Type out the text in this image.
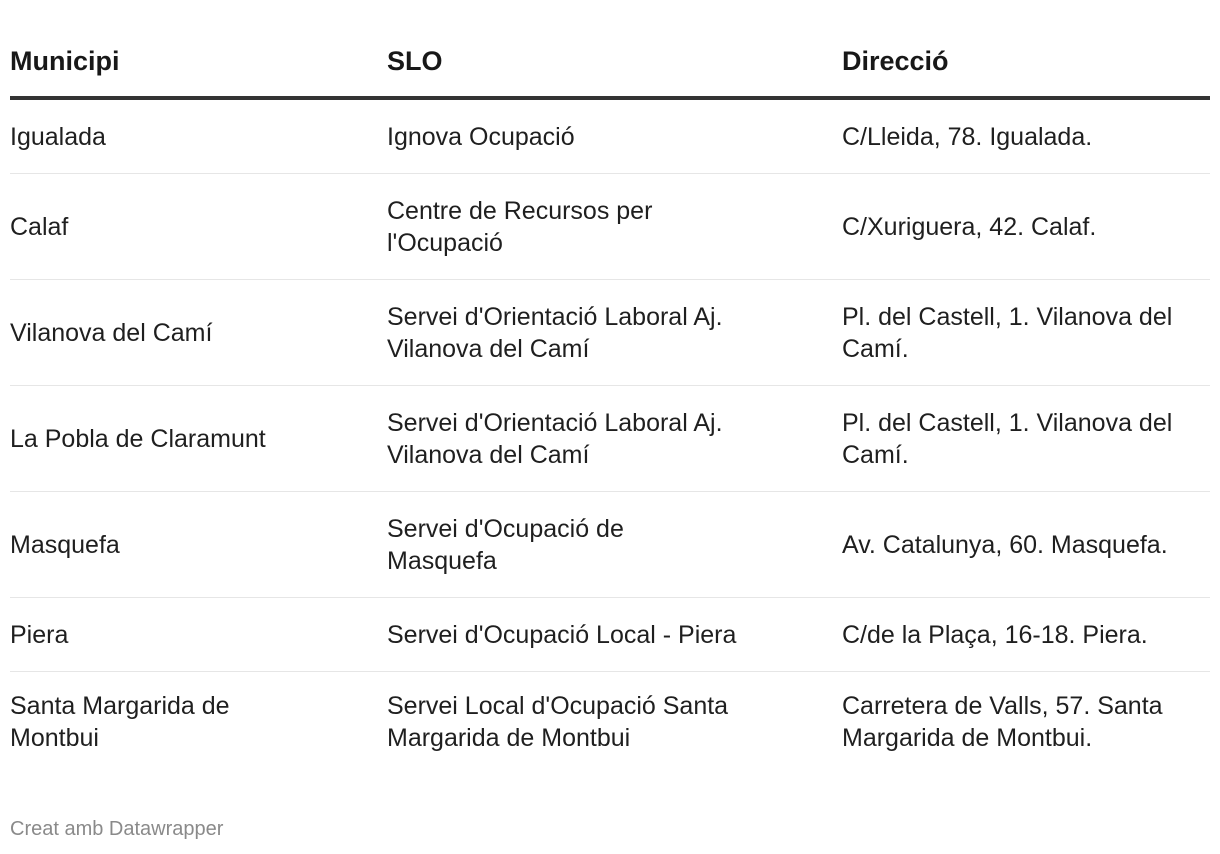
Municipi	SLO	Direcció
Igualada	Ignova Ocupació	C/Lleida, 78. Igualada.
Calaf	Centre de Recursos per l'Ocupació	C/Xuriguera, 42. Calaf.
Vilanova del Camí	Servei d'Orientació Laboral Aj. Vilanova del Camí	Pl. del Castell, 1. Vilanova del Camí.
La Pobla de Claramunt	Servei d'Orientació Laboral Aj. Vilanova del Camí	Pl. del Castell, 1. Vilanova del Camí.
Masquefa	Servei d'Ocupació de Masquefa	Av. Catalunya, 60. Masquefa.
Piera	Servei d'Ocupació Local - Piera	C/de la Plaça, 16-18. Piera.
Santa Margarida de Montbui	Servei Local d'Ocupació Santa Margarida de Montbui	Carretera de Valls, 57. Santa Margarida de Montbui.
Creat amb Datawrapper
